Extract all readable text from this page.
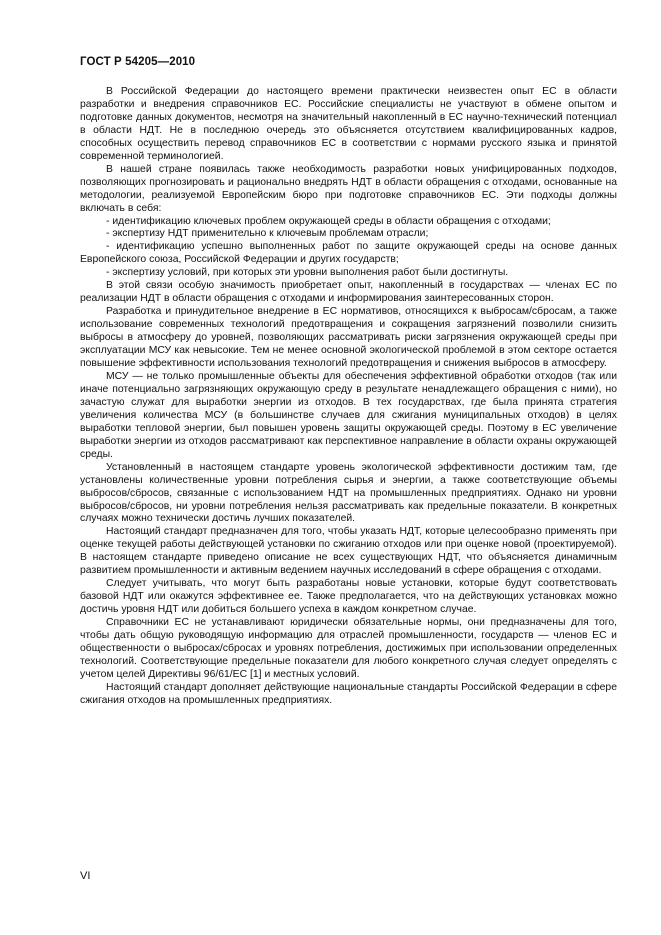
ГОСТ Р 54205—2010

В Российской Федерации до настоящего времени практически неизвестен опыт ЕС в области разработки и внедрения справочников ЕС. Российские специалисты не участвуют в обмене опытом и подготовке данных документов, несмотря на значительный накопленный в ЕС научно-технический потенциал в области НДТ. Не в последнюю очередь это объясняется отсутствием квалифицированных кадров, способных осуществить перевод справочников ЕС в соответствии с нормами русского языка и принятой современной терминологией.

В нашей стране появилась также необходимость разработки новых унифицированных подходов, позволяющих прогнозировать и рационально внедрять НДТ в области обращения с отходами, основанные на методологии, реализуемой Европейским бюро при подготовке справочников ЕС. Эти подходы должны включать в себя:

- идентификацию ключевых проблем окружающей среды в области обращения с отходами;

- экспертизу НДТ применительно к ключевым проблемам отрасли;

- идентификацию успешно выполненных работ по защите окружающей среды на основе данных Европейского союза, Российской Федерации и других государств;

- экспертизу условий, при которых эти уровни выполнения работ были достигнуты.

В этой связи особую значимость приобретает опыт, накопленный в государствах — членах ЕС по реализации НДТ в области обращения с отходами и информирования заинтересованных сторон.

Разработка и принудительное внедрение в ЕС нормативов, относящихся к выбросам/сбросам, а также использование современных технологий предотвращения и сокращения загрязнений позволили снизить выбросы в атмосферу до уровней, позволяющих рассматривать риски загрязнения окружающей среды при эксплуатации МСУ как невысокие. Тем не менее основной экологической проблемой в этом секторе остается повышение эффективности использования технологий предотвращения и снижения выбросов в атмосферу.

МСУ — не только промышленные объекты для обеспечения эффективной обработки отходов (так или иначе потенциально загрязняющих окружающую среду в результате ненадлежащего обращения с ними), но зачастую служат для выработки энергии из отходов. В тех государствах, где была принята стратегия увеличения количества МСУ (в большинстве случаев для сжигания муниципальных отходов) в целях выработки тепловой энергии, был повышен уровень защиты окружающей среды. Поэтому в ЕС увеличение выработки энергии из отходов рассматривают как перспективное направление в области охраны окружающей среды.

Установленный в настоящем стандарте уровень экологической эффективности достижим там, где установлены количественные уровни потребления сырья и энергии, а также соответствующие объемы выбросов/сбросов, связанные с использованием НДТ на промышленных предприятиях. Однако ни уровни выбросов/сбросов, ни уровни потребления нельзя рассматривать как предельные показатели. В конкретных случаях можно технически достичь лучших показателей.

Настоящий стандарт предназначен для того, чтобы указать НДТ, которые целесообразно применять при оценке текущей работы действующей установки по сжиганию отходов или при оценке новой (проектируемой). В настоящем стандарте приведено описание не всех существующих НДТ, что объясняется динамичным развитием промышленности и активным ведением научных исследований в сфере обращения с отходами.

Следует учитывать, что могут быть разработаны новые установки, которые будут соответствовать базовой НДТ или окажутся эффективнее ее. Также предполагается, что на действующих установках можно достичь уровня НДТ или добиться большего успеха в каждом конкретном случае.

Справочники ЕС не устанавливают юридически обязательные нормы, они предназначены для того, чтобы дать общую руководящую информацию для отраслей промышленности, государств — членов ЕС и общественности о выбросах/сбросах и уровнях потребления, достижимых при использовании определенных технологий. Соответствующие предельные показатели для любого конкретного случая следует определять с учетом целей Директивы 96/61/ЕС [1] и местных условий.

Настоящий стандарт дополняет действующие национальные стандарты Российской Федерации в сфере сжигания отходов на промышленных предприятиях.

VI
